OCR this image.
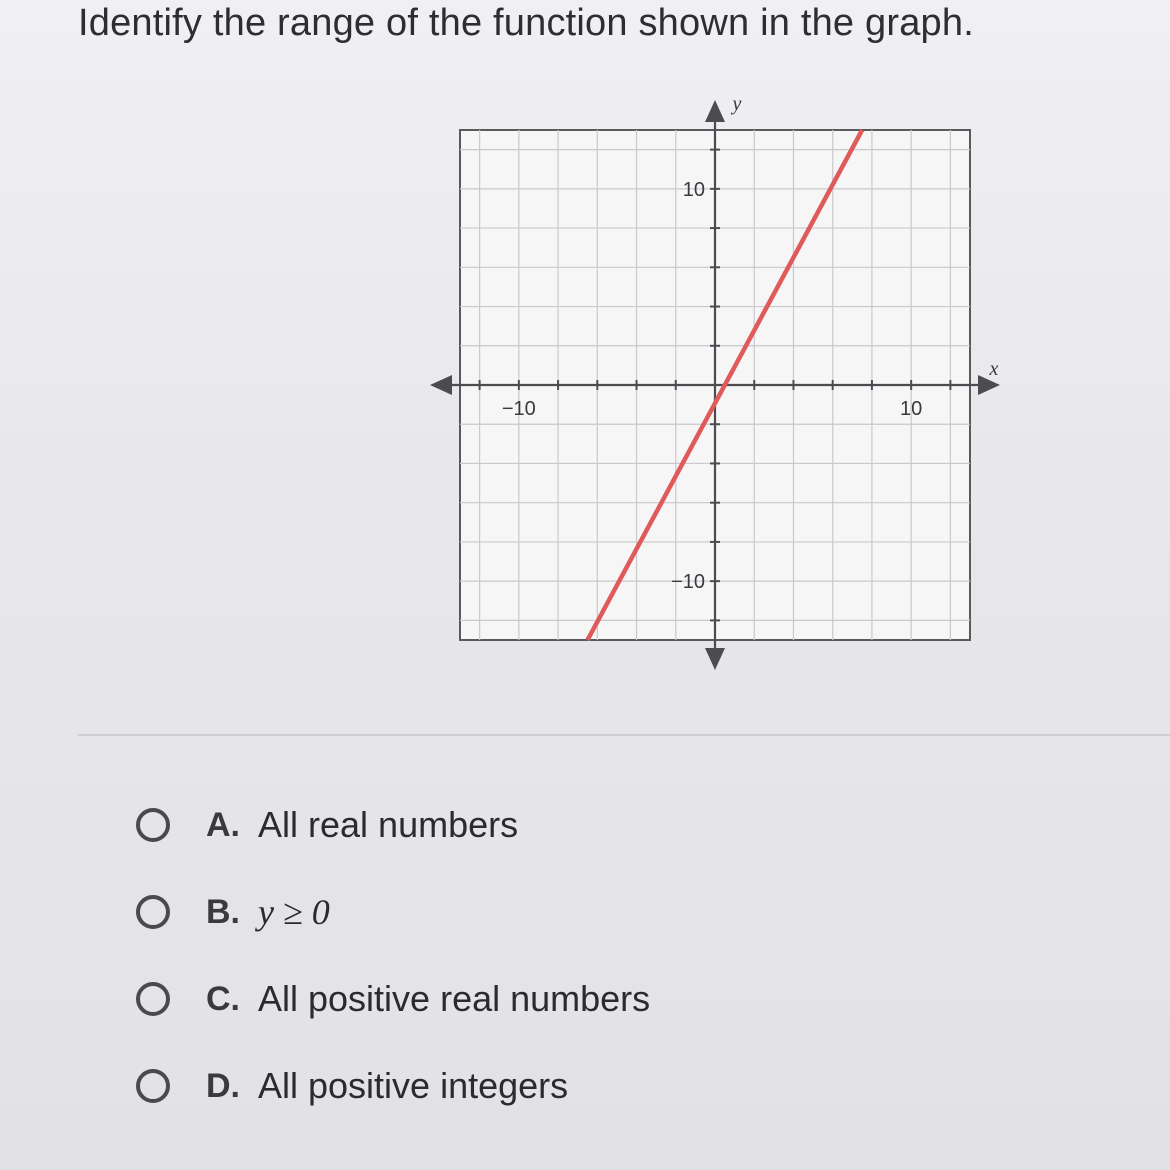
Identify the range of the function shown in the graph.
−10	10
10
−10
x
y
A. All real numbers
B. y ≥ 0
C. All positive real numbers
D. All positive integers
